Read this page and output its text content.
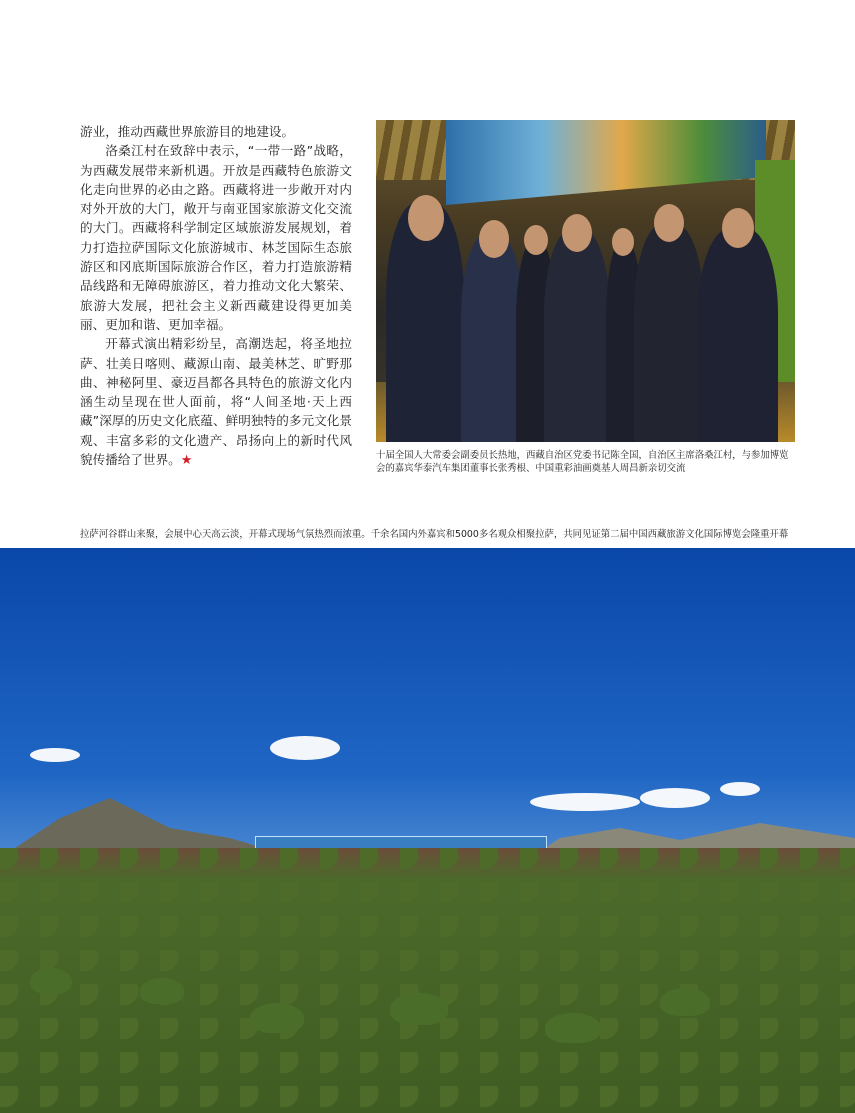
游业，推动西藏世界旅游目的地建设。

洛桑江村在致辞中表示，“一带一路”战略，为西藏发展带来新机遇。开放是西藏特色旅游文化走向世界的必由之路。西藏将进一步敞开对内对外开放的大门，敞开与南亚国家旅游文化交流的大门。西藏将科学制定区域旅游发展规划，着力打造拉萨国际文化旅游城市、林芝国际生态旅游区和冈底斯国际旅游合作区，着力打造旅游精品线路和无障碍旅游区，着力推动文化大繁荣、旅游大发展，把社会主义新西藏建设得更加美丽、更加和谐、更加幸福。

开幕式演出精彩纷呈，高潮迭起，将圣地拉萨、壮美日喀则、藏源山南、最美林芝、旷野那曲、神秘阿里、豪迈昌都各具特色的旅游文化内涵生动呈现在世人面前，将“人间圣地·天上西藏”深厚的历史文化底蕴、鲜明独特的多元文化景观、丰富多彩的文化遗产、昂扬向上的新时代风貌传播给了世界。★	十届全国人大常委会副委员长热地，西藏自治区党委书记陈全国，自治区主席洛桑江村，与参加博览会的嘉宾华泰汽车集团董事长张秀根、中国重彩油画奠基人周昌新亲切交流
拉萨河谷群山来聚，会展中心天高云淡，开幕式现场气氛热烈而浓重。千余名国内外嘉宾和5000多名观众相聚拉萨，共同见证第二届中国西藏旅游文化国际博览会隆重开幕
